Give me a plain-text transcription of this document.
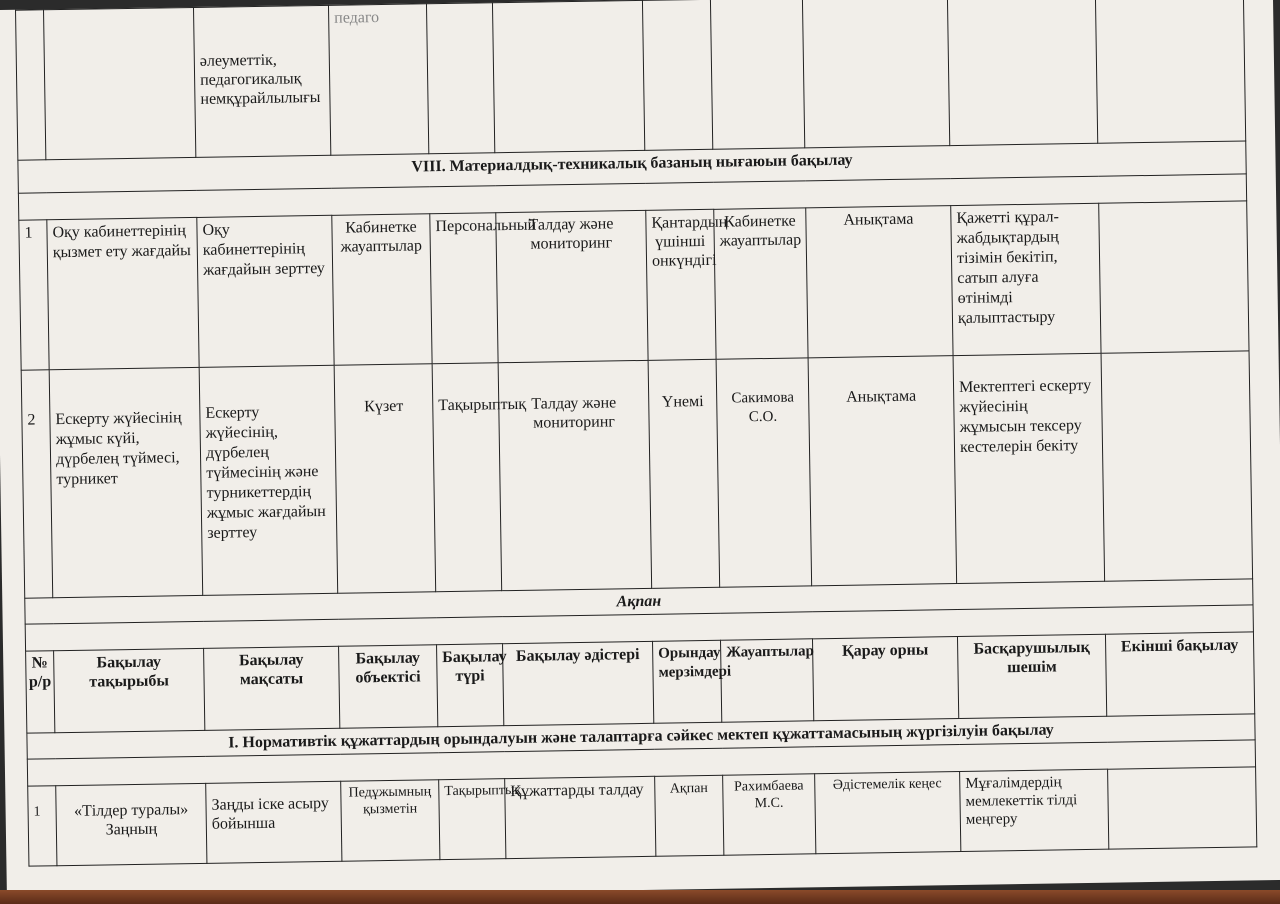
		әлеуметтік, педагогикалық немқұрайлылығы	педаго							
VIII. Материалдық-техникалық базаның нығаюын бақылау										

1	Оқу кабинеттерінің қызмет ету жағдайы	Оқу кабинеттерінің жағдайын зерттеу	Кабинетке жауаптылар	Персональный	Талдау және мониторинг	Қантардың үшінші онкүндігі	Кабинетке жауаптылар	Анықтама	Қажетті құрал-жабдықтардың тізімін бекітіп, сатып алуға өтінімді қалыптастыру	
2	Ескерту жүйесінің жұмыс күйі, дүрбелең түймесі, турникет	Ескерту жүйесінің, дүрбелең түймесінің және турникеттердің жұмыс жағдайын зерттеу	Күзет	Тақырыптық	Талдау және мониторинг	Үнемі	Сакимова С.О.	Анықтама	Мектептегі ескерту жүйесінің жұмысын тексеру кестелерін бекіту	
Ақпан										

№ р/р	Бақылау тақырыбы	Бақылау мақсаты	Бақылау объектісі	Бақылау түрі	Бақылау әдістері	Орындау мерзімдері	Жауаптылар	Қарау орны	Басқарушылық шешім	Екінші бақылау
I. Нормативтік құжаттардың орындалуын және талаптарға сәйкес мектеп құжаттамасының жүргізілуін бақылау										

1	«Тілдер туралы» Заңның	Заңды іске асыру бойынша	Педұжымның қызметін	Тақырыптық	Құжаттарды талдау	Ақпан	Рахимбаева М.С.	Әдістемелік кеңес	Мұғалімдердің мемлекеттік тілді меңгеру	
